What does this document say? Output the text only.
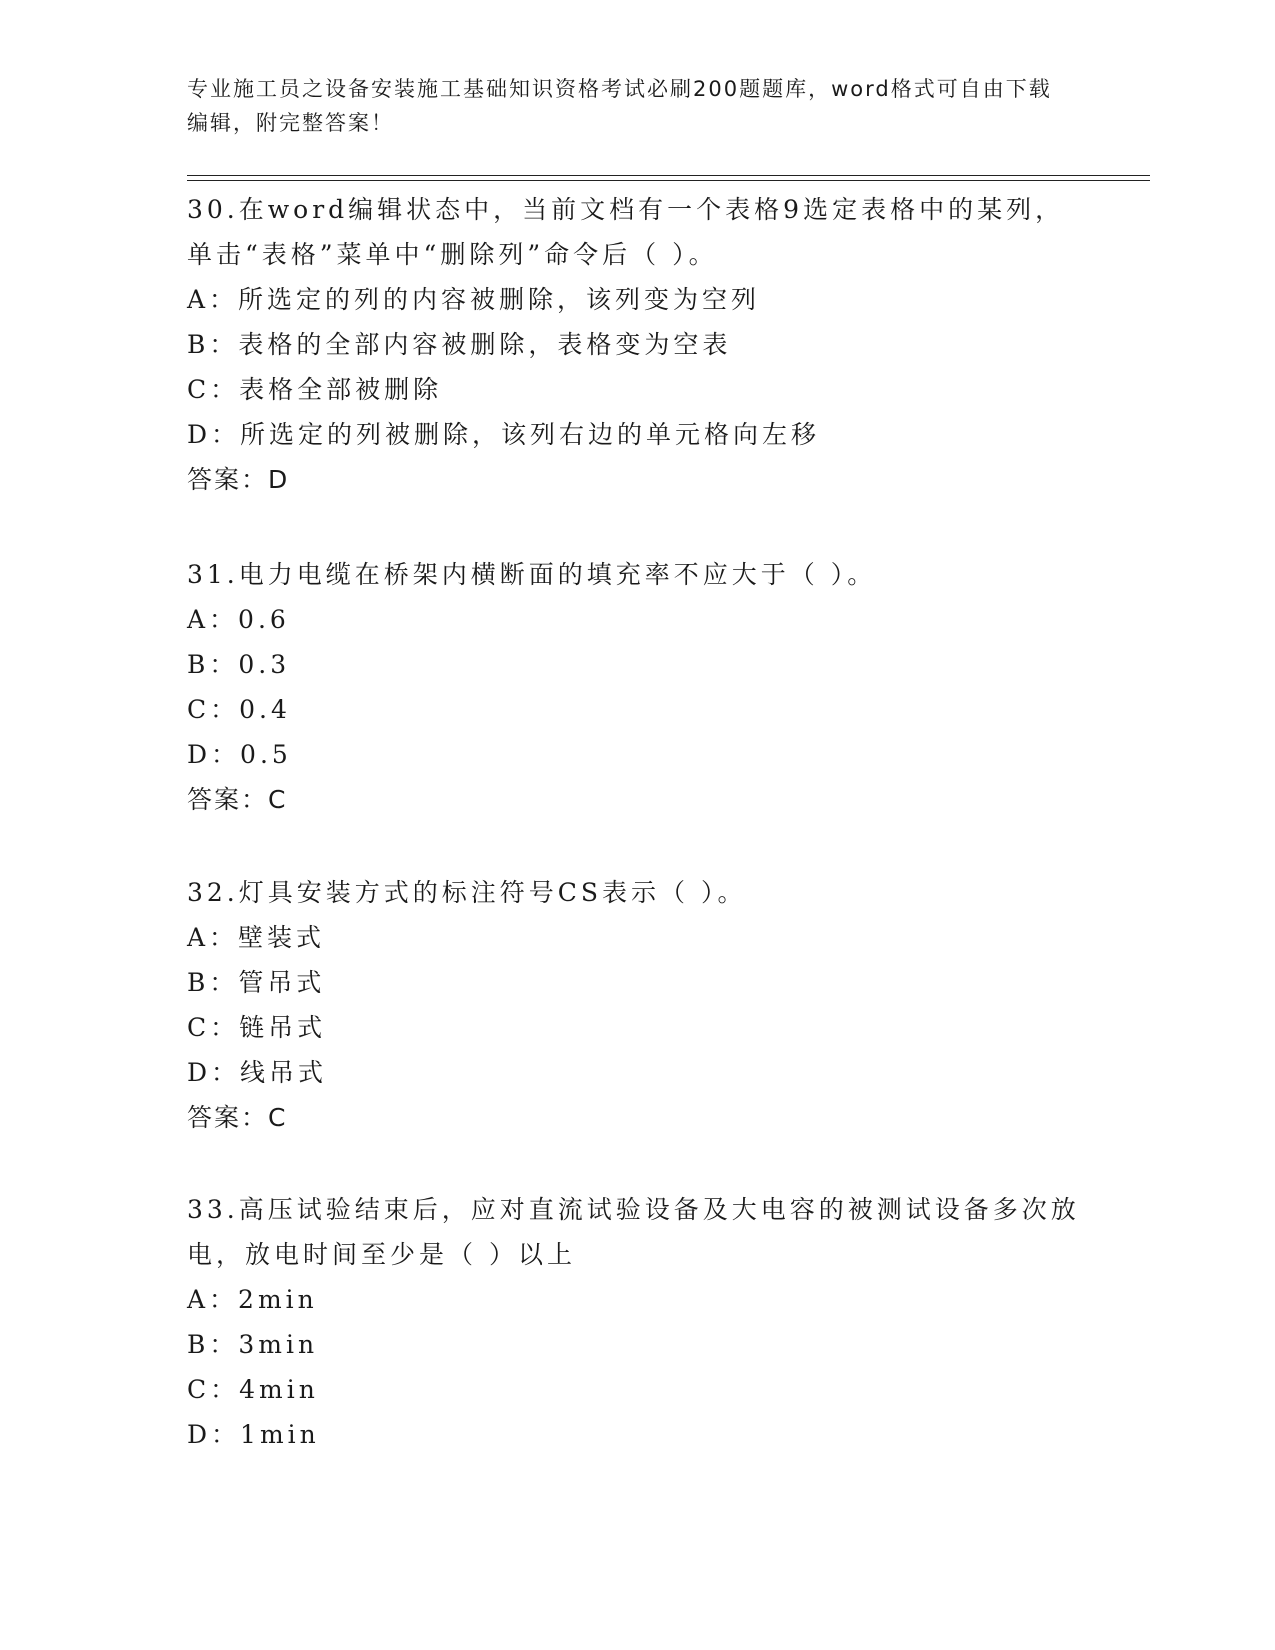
专业施工员之设备安装施工基础知识资格考试必刷200题题库，word格式可自由下载编辑，附完整答案！

30.在word编辑状态中，当前文档有一个表格9选定表格中的某列，单击“表格”菜单中“删除列”命令后（ ）。

A：所选定的列的内容被删除，该列变为空列

B：表格的全部内容被删除，表格变为空表

C：表格全部被删除

D：所选定的列被删除，该列右边的单元格向左移

答案：D

31.电力电缆在桥架内横断面的填充率不应大于（ ）。

A：0.6

B：0.3

C：0.4

D：0.5

答案：C

32.灯具安装方式的标注符号CS表示（ ）。

A：壁装式

B：管吊式

C：链吊式

D：线吊式

答案：C

33.高压试验结束后，应对直流试验设备及大电容的被测试设备多次放电，放电时间至少是（ ）以上

A：2min

B：3min

C：4min

D：1min
